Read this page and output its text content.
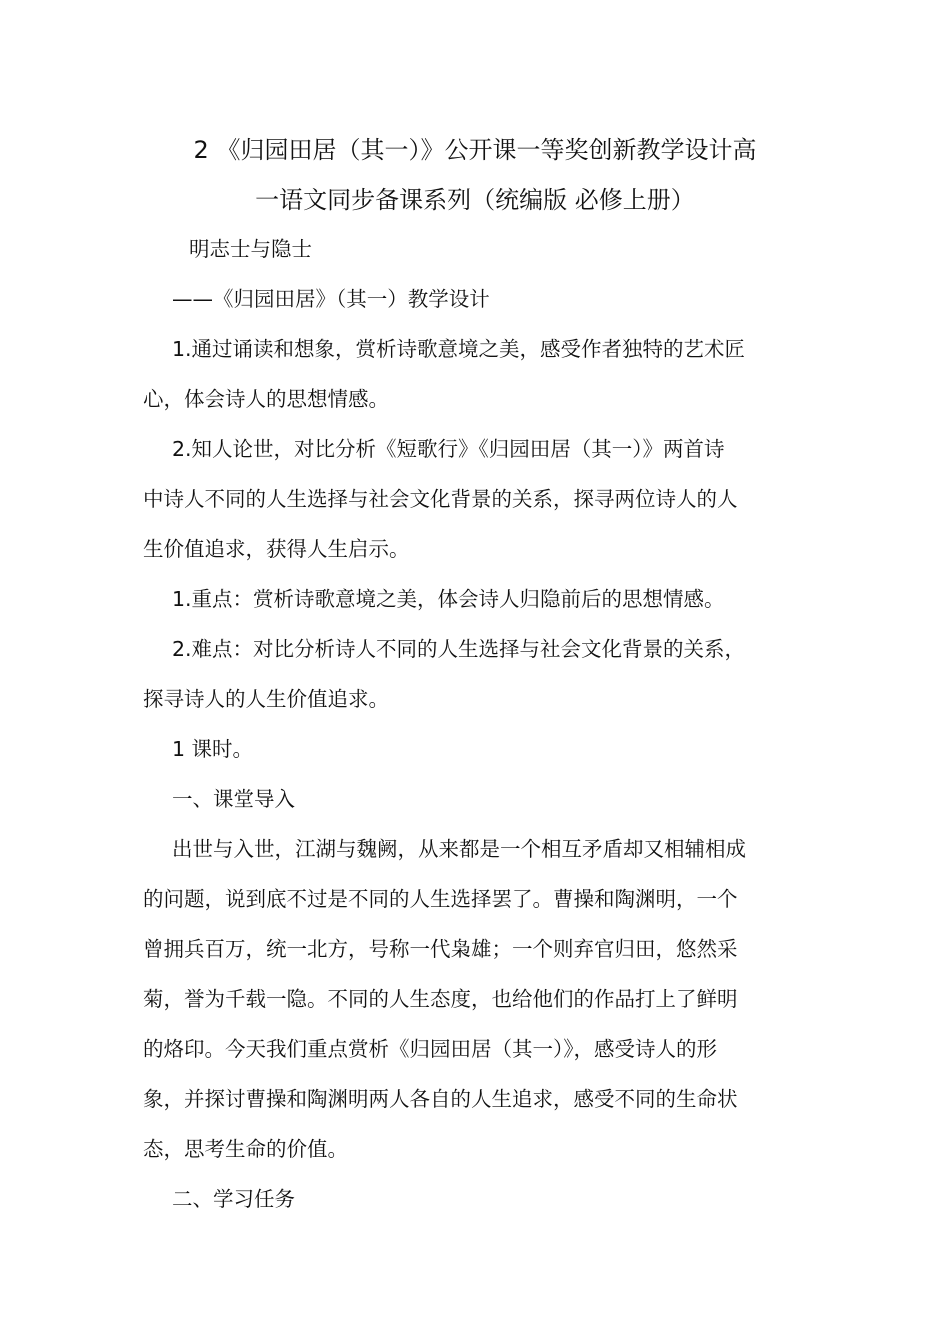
2 《归园田居（其一）》公开课一等奖创新教学设计高

一语文同步备课系列（统编版 必修上册）

明志士与隐士

——《归园田居》（其一）教学设计

1.通过诵读和想象，赏析诗歌意境之美，感受作者独特的艺术匠

心，体会诗人的思想情感。

2.知人论世，对比分析《短歌行》《归园田居（其一）》两首诗

中诗人不同的人生选择与社会文化背景的关系，探寻两位诗人的人

生价值追求，获得人生启示。

1.重点：赏析诗歌意境之美，体会诗人归隐前后的思想情感。

2.难点：对比分析诗人不同的人生选择与社会文化背景的关系，

探寻诗人的人生价值追求。

1 课时。

一、课堂导入

出世与入世，江湖与魏阙，从来都是一个相互矛盾却又相辅相成

的问题，说到底不过是不同的人生选择罢了。曹操和陶渊明，一个

曾拥兵百万，统一北方，号称一代枭雄；一个则弃官归田，悠然采

菊，誉为千载一隐。不同的人生态度，也给他们的作品打上了鲜明

的烙印。今天我们重点赏析《归园田居（其一）》，感受诗人的形

象，并探讨曹操和陶渊明两人各自的人生追求，感受不同的生命状

态，思考生命的价值。

二、学习任务
